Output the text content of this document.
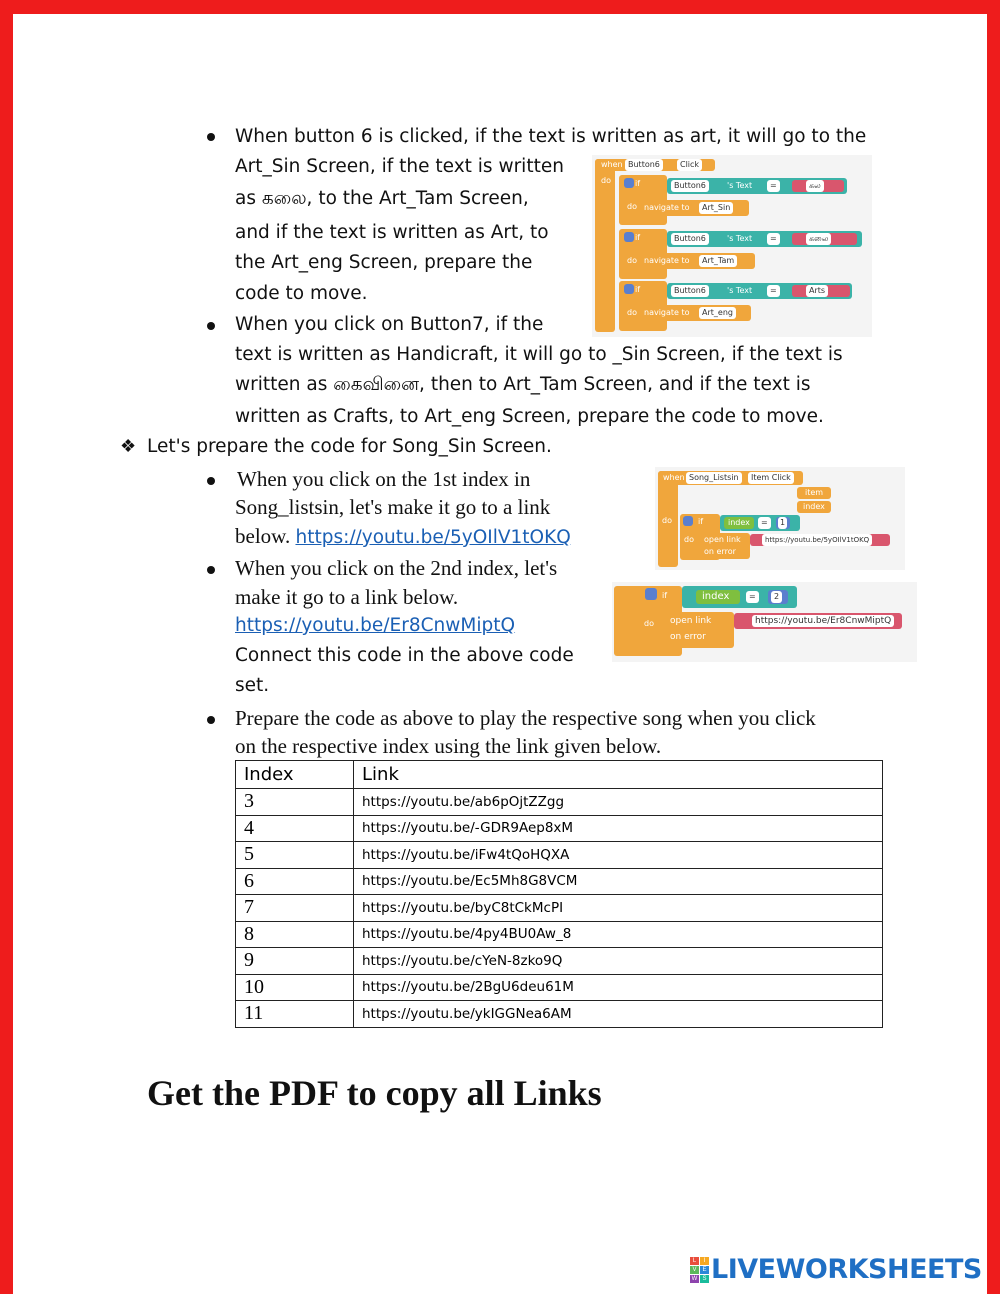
When button 6 is clicked, if the text is written as art, it will go to the
Art_Sin Screen, if the text is written
as கலை, to the Art_Tam Screen,
and if the text is written as Art, to
the Art_eng Screen, prepare the
code to move.
When you click on Button7, if the
text is written as Handicraft, it will go to _Sin Screen, if the text is
written as கைவினை, then to Art_Tam Screen, and if the text is
written as Crafts, to Art_eng Screen, prepare the code to move.
when Button6	Click
do	if
do
Button6	's Text	=	கல
navigate to	Art_Sin
if
do
Button6	's Text	=	கலை
navigate to	Art_Tam
if
do
Button6	's Text	=	Arts
navigate to	Art_eng
❖ Let's prepare the code for Song_Sin Screen.
When you click on the 1st index in
Song_listsin, let's make it go to a link
below. https://youtu.be/5yOIlV1tOKQ
when Song_Listsin	Item Click
item
index
do	if
do
index	=	1
open link
on error
https://youtu.be/5yOIlV1tOKQ
When you click on the 2nd index, let's
make it go to a link below.
https://youtu.be/Er8CnwMiptQ
Connect this code in the above code
set.
if
do
index	=	2
open link
on error
https://youtu.be/Er8CnwMiptQ
Prepare the code as above to play the respective song when you click
on the respective index using the link given below.
Index	Link
3	https://youtu.be/ab6pOjtZZgg
4	https://youtu.be/-GDR9Aep8xM
5	https://youtu.be/iFw4tQoHQXA
6	https://youtu.be/Ec5Mh8G8VCM
7	https://youtu.be/byC8tCkMcPI
8	https://youtu.be/4py4BU0Aw_8
9	https://youtu.be/cYeN-8zko9Q
10	https://youtu.be/2BgU6deu61M
11	https://youtu.be/ykIGGNea6AM
Get the PDF to copy all Links
L	I
V E
W S LIVEWORKSHEETS
